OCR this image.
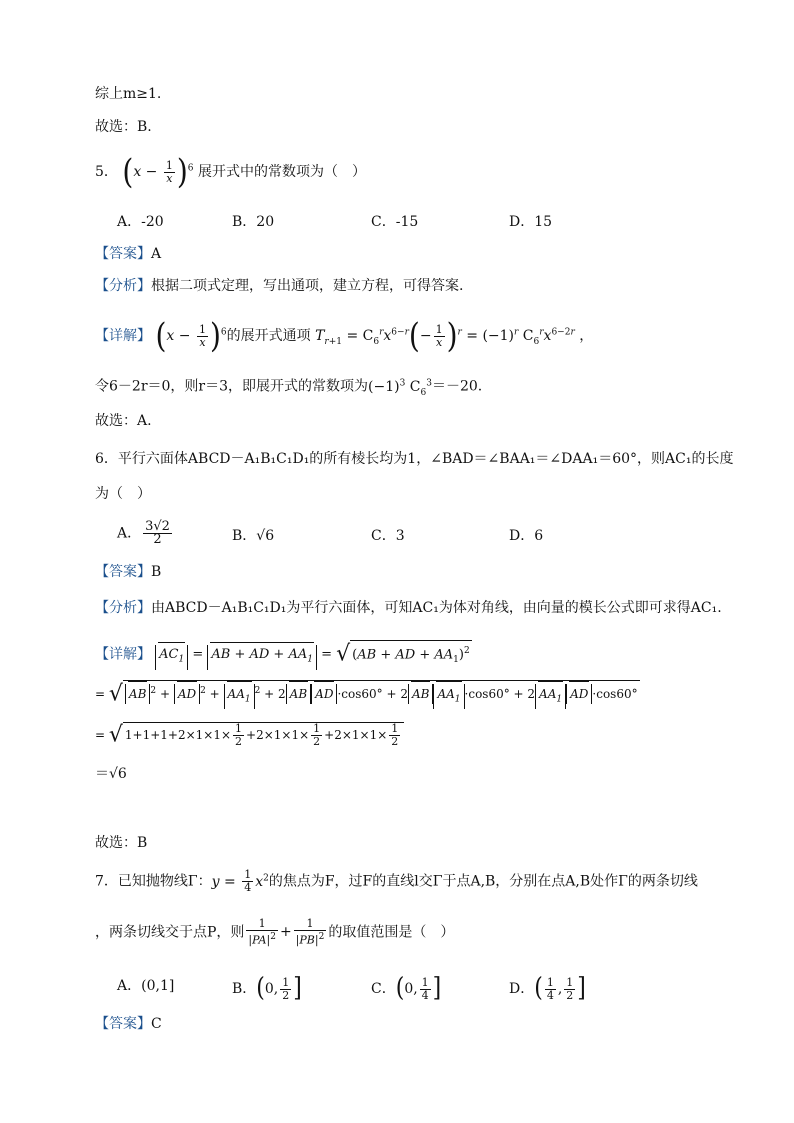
综上m≥1.
故选：B.
5． $(x - \frac{1}{x} )^6$ 展开式中的常数项为（　）
A．-20	B．20	C．-15	D．15
【答案】A
【分析】根据二项式定理，写出通项，建立方程，可得答案.
【详解】 $(x - \frac{1}{x} )^6$的展开式通项 $T_{r+1} = C_6^rx^{6-r}(- \frac{1}{x} )^r = (-1)^r$ $C_6^rx^{6-2r}$ ，
令6－2r＝0，则r＝3，即展开式的常数项为$(-1)^3$ $C_6^3=-20$.
故选：A.
6．平行六面体ABCD－A₁B₁C₁D₁的所有棱长均为1，∠BAD＝∠BAA₁＝∠DAA₁＝60°，则AC₁的长度
为（　）
A． $\frac{3√2}{2}$	B．√6	C．3	D．6
【答案】B
【分析】由ABCD－A₁B₁C₁D₁为平行六面体，可知AC₁为体对角线，由向量的模长公式即可求得AC₁.
【详解】 $AC_1$ = AB + AD + $AA_1$ = √ (AB + AD + $AA_1)^2$
= √ AB $^2$ + AD $^2 + AA_1^2 + 2$ AB AD ·cos60° + 2 AB $AA_1 \cdot\cos 60^\circ + 2$ $AA_1$ AD ·cos60°
= √ $1+1+1+2\times 1\times 1\times \frac{1}{2} +2\times 1\times 1\times \frac{1}{2} +2\times 1\times 1\times \frac{1}{2}$
＝√6
故选：B
7．已知抛物线Γ：$y = \frac{1}{4} x^2$的焦点为F，过F的直线l交Γ于点A,B，分别在点A,B处作Γ的两条切线
，两条切线交于点P，则 $\frac{1}{|PA|^2} + \frac{1}{|PB|^2}$ 的取值范围是（　）
A．(0,1]	B．(0, $\frac{1}{2}$ ]	C．(0, $\frac{1}{4}$ ]	D．( $\frac{1}{4}$ , $\frac{1}{2}$ ]
【答案】C
